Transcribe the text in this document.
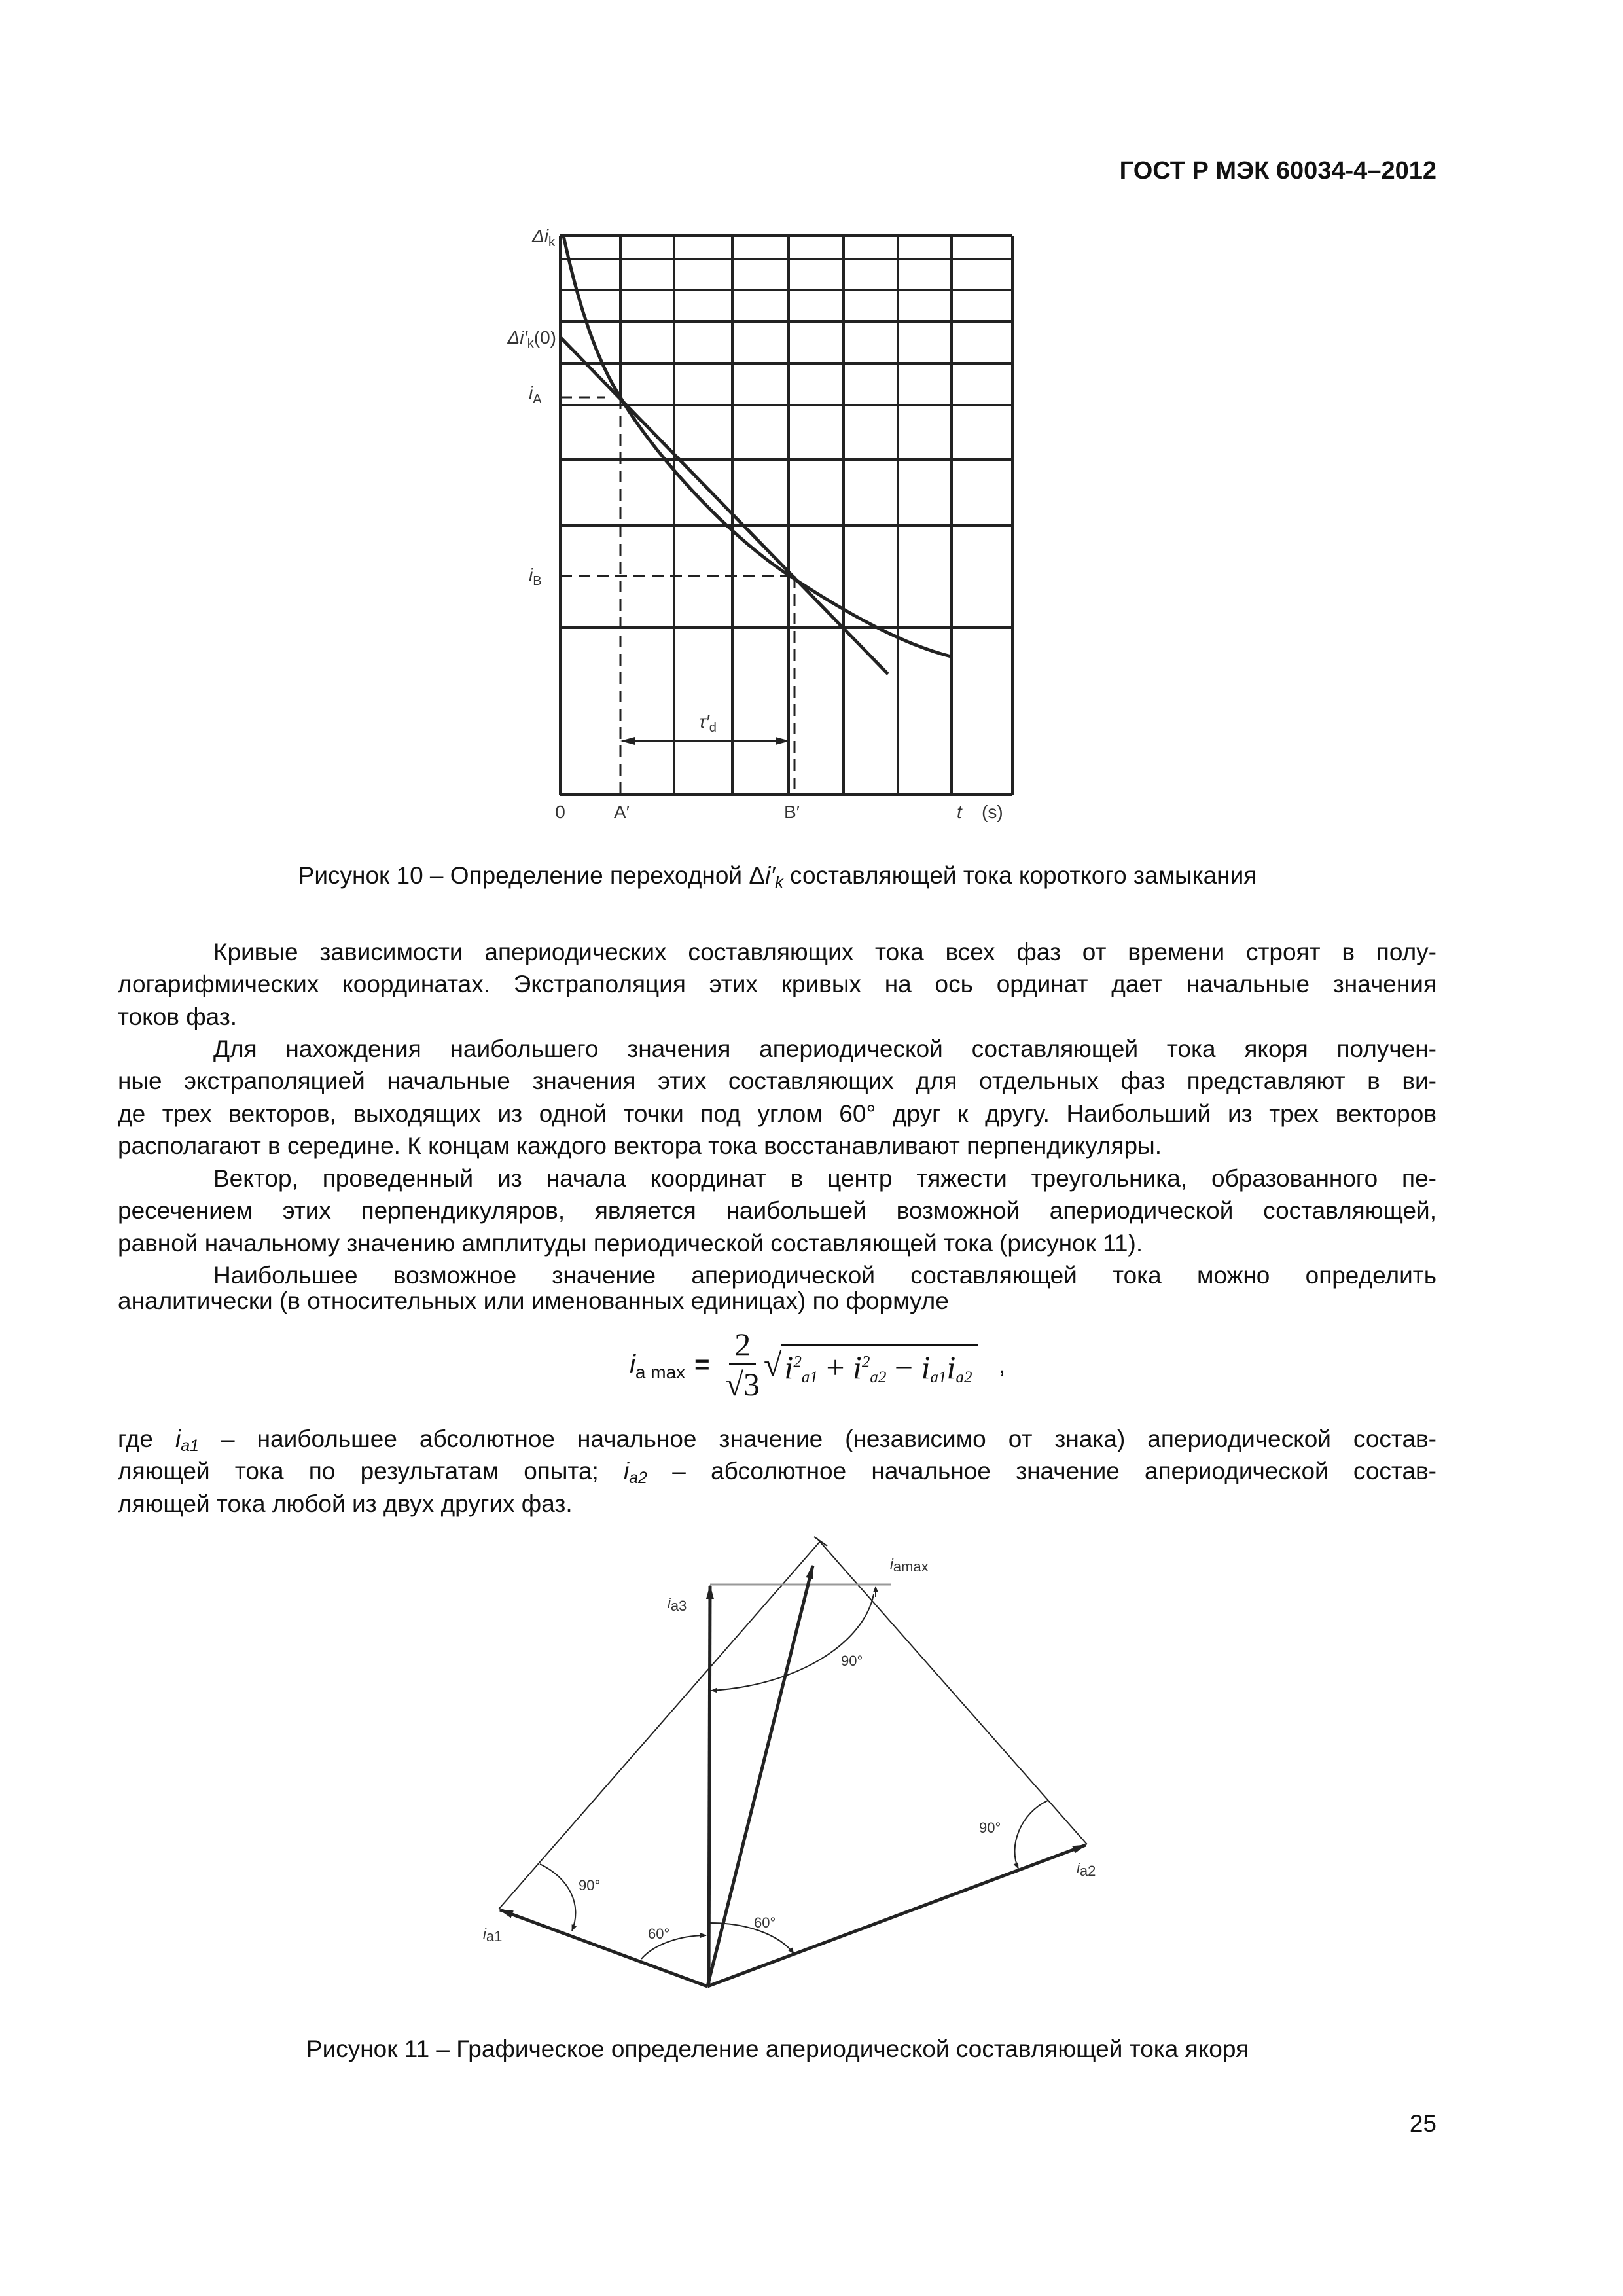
ГОСТ Р МЭК 60034-4–2012
$\Delta i_k$
$\Delta i'_k(0)$
$i_A$
$i_B$
$\tau'_d$
0	A′	B′	t (s)
ia3
iamax
ia1
ia2
90°
90°
90°
60°
60°
Рисунок 10 – Определение переходной $\Delta i'_k$ составляющей тока короткого замыкания
Кривые зависимости апериодических составляющих тока всех фаз от времени строят в полу-
логарифмических координатах. Экстраполяция этих кривых на ось ординат дает начальные значения
токов фаз.
Для нахождения наибольшего значения апериодической составляющей тока якоря получен-
ные экстраполяцией начальные значения этих составляющих для отдельных фаз представляют в ви-
де трех векторов, выходящих из одной точки под углом 60° друг к другу. Наибольший из трех векторов
располагают в середине. К концам каждого вектора тока восстанавливают перпендикуляры.
Вектор, проведенный из начала координат в центр тяжести треугольника, образованного пе-
ресечением этих перпендикуляров, является наибольшей возможной апериодической составляющей,
равной начальному значению амплитуды периодической составляющей тока (рисунок 11).
Наибольшее возможное значение апериодической составляющей тока можно определить
аналитически (в относительных или именованных единицах) по формуле
$i_{a max} = \frac{2}{√3}$ √ $i^2_{a1} + i^2_{a2} - i_{a1}i_{a2}$ ,
где $i_{a1}$ – наибольшее абсолютное начальное значение (независимо от знака) апериодической состав-
ляющей тока по результатам опыта; $i_{a2}$ – абсолютное начальное значение апериодической состав-
ляющей тока любой из двух других фаз.
Рисунок 11 – Графическое определение апериодической составляющей тока якоря
25
